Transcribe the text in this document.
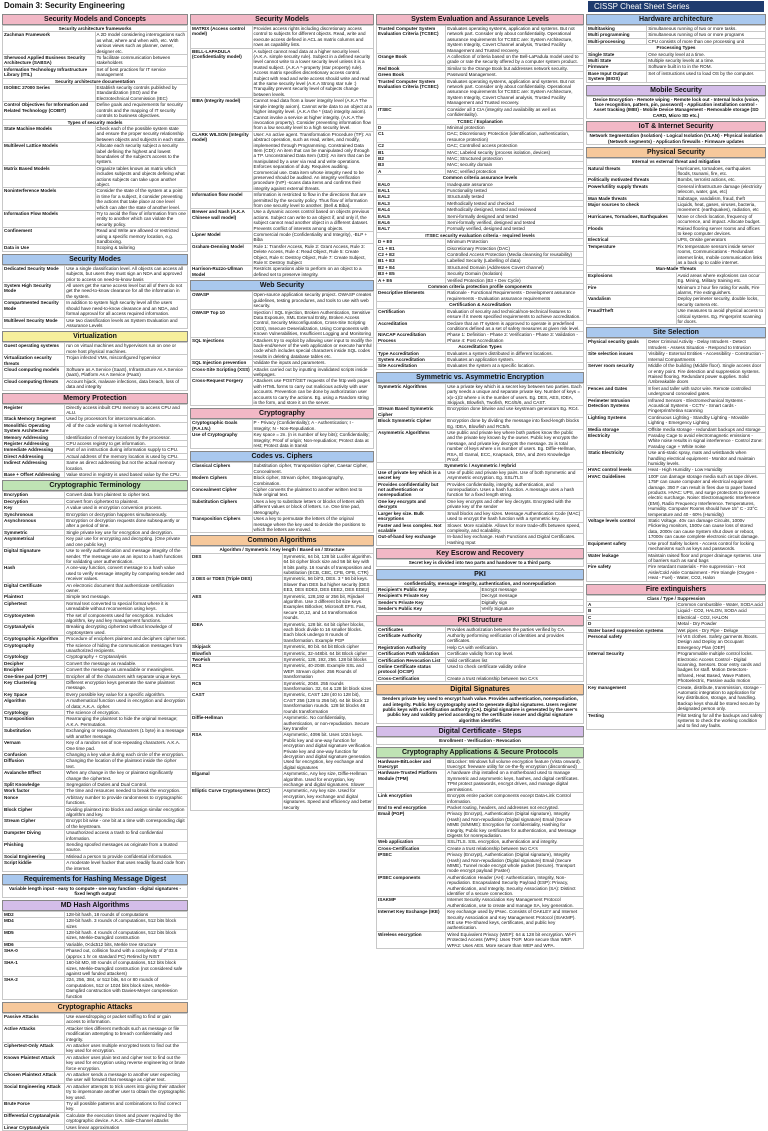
Domain 3: Security Engineering	CISSP Cheat Sheet Series
Security Models and Concepts
Security architecture frameworks	
Zachman Framework	A 2D model considering interrogations such as what, where and when with, etc. With various views such as planner, owner, designer etc.
Sherwood Applied Business Security Architecture (SABSA)	To facilitate communication between stakeholders
Information Technology Infrastructure Library (ITIL)	Set of best practices for IT service management
Security architecture documentation	
ISO/IEC 27000 Series	Establish security controls published by Standardization (ISO) and the Electrotechnical Commission (IEC)
Control Objectives for Information and Related Technology (COBIT)	Define goals and requirements for security controls and the mapping of IT security controls to business objectives.
Types of security models	
State Machine Models	Check each of the possible system state and ensure the proper security relationship between objects and subjects in each state.
Multilevel Lattice Models	Allocate each security subject a security label defining the highest and lowest boundaries of the subject's access to the system.
Matrix Based Models	Organize tables known as matrix which includes subjects and objects defining what actions subjects can take upon another object.
Noninterference Models	Consider the state of the system at a point in time for a subject, it consider preventing the actions that take place at one level which can alter the state of another level.
Information Flow Models	Try to avoid the flow of information from one entity to another which can violate the security policy.
Confinement	Read and Write are allowed or restricted using a specific memory location, e.g. Sandboxing.
Data in Use	Scoping & tailoring
Security Modes
Dedicated Security Mode	Use a single classification level. All objects can access all subjects, but users they must sign an NDA and approved prior to access on need-to-know basis
System High Security Mode	All users get the same access level but all of them do not get the need-to-know clearance for all the information in the system.
Compartmented Security Mode	In addition to system high security level all the users should have need-to-know clearance and an NDA, and formal approval for all access required information.
Multilevel Security Mode	Use two classification levels as System Evaluation and Assurance Levels
Virtualization
Guest operating systems	run on virtual machines and hypervisors run on one or more host physical machines.
Virtualization security threats	Trojan infected VMs, misconfigured hypervisor
Cloud computing models	Software as A Service (SaaS), Infrastructure As A Service (IaaS), Platform As A Service (PaaS)
Cloud computing threats	Account hijack, malware infections, data breach, loss of data and integrity
Memory Protection
Register	Directly access inbuilt CPU memory to access CPU and ALU.
Stack Memory Segment	Used by processors for intercommunication.
Monolithic Operating System Architecture	All of the code working in kernel mode/system.
Memory Addressing	Identification of memory locations by the processor.
Register Addressing	CPU access registry to get information.
Immediate Addressing	Part of an instruction during information supply to CPU.
Direct Addressing	Actual address of the memory location is used by CPU.
Indirect Addressing	Same as direct addressing but not the actual memory location.
Base + Offset Addressing	Value stored in registry is used based value by the CPU.
Cryptographic Terminology
Encryption	Convert data from plaintext to cipher text.
Decryption	Convert from ciphertext to plaintext.
Key	A value used in encryption conversion process.
Synchronous	Encryption or decryption happens simultaneously.
Asynchronous	Encryption or decryption requests done subsequently or after a period of time.
Symmetric	Single private key use for encryption and decryption.
Asymmetrical	Key pair use for encrypting and decrypting. (One private and one public key)
Digital Signature	Use to verify authentication and message integrity of the sender. The message use as an input to a hash functions for validating user authentication.
Hash	A one-way function, convert message to a hash value used to verify message integrity by comparing sender and receiver values.
Digital Certificate	An electronic document that authenticate certification owner.
Plaintext	Simple text message.
Ciphertext	Normal text converted to special format where it is unreadable without reconversion using keys.
Cryptosystem	The set of components used for encryption. Includes algorithm, key and key management functions.
Cryptanalysis	Breaking decrypting ciphertext without knowledge of cryptosystem used.
Cryptographic Algorithm	Procedure of enciphers plaintext and deciphers cipher text.
Cryptography	The science of hiding the communication messages from unauthorized recipients.
Cryptology	Cryptography + Cryptanalysis
Decipher	Convert the message as readable.
Encipher	Convert the message as unreadable or meaningless.
One-time pad (OTP)	Encipher all of the characters with separate unique keys.
Key Clustering	Different encryption keys generate the same plaintext message.
Key Space	Every possible key value for a specific algorithm.
Algorithm	A mathematical function used in encryption and decryption of data; A.K.A. cipher.
Cryptology	The science of encryption.
Transposition	Rearranging the plaintext to hide the original message; A.K.A. Permutation.
Substitution	Exchanging or repeating characters (1 byte) in a message with another message.
Vernam	Key of a random set of non-repeating characters. A.K.A. One time pad.
Confusion	Changing a key value during each circle of the encryption.
Diffusion	Changing the location of the plaintext inside the cipher text.
Avalanche Effect	When any change in the key or plaintext significantly change the ciphertext.
Split Knowledge	Segregation of Duties and Dual Control.
Work factor	The time and resources needed to break the encryption.
Nonce	Arbitrary number to provide randomness to cryptographic functions.
Block Cipher	Dividing plaintext into blocks and assign similar encryption algorithm and key.
Stream Cipher	Encrypt bit wise - one bit at a time with corresponding digit of the keystream.
Dumpster Diving	Unauthorized access a trash to find confidential information.
Phishing	Sending spoofed messages as originate from a trusted source.
Social Engineering	Mislead a person to provide confidential information.
Script kiddie	A moderate level hacker that uses readily found code from the internet.
Requirements for Hashing Message Digest
Variable length input - easy to compute - one way function - digital signatures - fixed length output
MD Hash Algorithms
MD2	128-bit hash, 18 rounds of computations
MD4	128-bit hash. 3 rounds of computations, 512 bits block sizes
MD5	128-bit hash. 4 rounds of computations, 512 bits block sizes, Merkle-Damgård construction
MD6	Variable, 0<d≤512 bits, Merkle tree structure
SHA-0	Phased out, collision found with a complexity of 2^33.6 (approx 1 hr on standard PC) Retired by NIST
SHA-1	160-bit MD, 80 rounds of computations, 512 bits block sizes, Merkle-Damgård construction (not considered safe against well funded attackers)
SHA-2	224, 256, 384, or 512 bits, 64 or 80 rounds of computations, 512 or 1024 bits block sizes, Merkle-Damgård construction with Davies-Meyer compression function
Cryptographic Attacks
Passive Attacks	Use eavesdropping or packet sniffing to find or gain access to information.
Active Attacks	Attacker tries different methods such as message or file modification attempting to breach confidentiality and integrity.
Ciphertext-Only Attack	An attacker uses multiple encrypted texts to find out the key used for encryption.
Known Plaintext Attack	An attacker uses plain text and cipher text to find out the key used for encryption using reverse engineering or brute force encryption.
Chosen Plaintext Attack	An attacker sends a message to another user expecting the user will forward that message as cipher text.
Social Engineering Attack	An attacker attempts to trick users into giving their attacker try to impersonate another user to obtain the cryptographic key used.
Brute Force	Try all possible patterns and combinations to find correct key.
Differential Cryptanalysis	Calculate the execution times and power required by the cryptographic device. A.K.A. Side-Channel attacks
Linear Cryptanalysis	Uses linear approximation
Security Models
MATRIX (Access control model)	Provides access rights including discretionary access control to subjects for different objects. Read, write and execute access defined in ACL as matrix columns and rows as capability lists.
BELL-LAPADULA (Confidentiality model)	A subject cannot read data at a higher security level. (A.K.A. simple security rule). Subject in a defined security level cannot write to a lower security level unless it is a trusted subject. (A.K.A *-property (star property) rule). Access matrix specifies discretionary access control. Subject with read and write access should write and read at the same security level (A.K.A Strong star rule :) Tranquility prevent security level of subjects change between levels.
BIBA (Integrity model)	Cannot read data from a lower integrity level (A.K.A The simple integrity axiom). Cannot write data to an object at a higher integrity level. (A.K.A the * (star) integrity axiom). Cannot invoke a service at higher integrity. (A.K.A The invocation property). Consider preventing information flow from a low security level to a high security level.
CLARK WILSON (Integrity model)	User: An active agent. Transformation Procedure (TP): An abstract operation, such as read, writes, and modify, implemented through Programming. Constrained Data Item (CDI): An item that can be manipulated only through a TP. Unconstrained Data Item (UDI): An item that can be manipulated by a user via read and write operations. Enforces separation of duty. Requires auditing. Commercial use. Data item whose integrity need to be preserved should be audited. An integrity verification procedure (IVP) -scans data items and confirms their integrity against external threats.
Information flow model	Information is restricted to flow in the directions that are permitted by the security policy. Thus flow of information from one security level to another. (Bell & Biba).
Brewer and Nash (A.K.A Chinese wall model)	Use a dynamic access control based on objects previous actions. Subject can write to an object if, and only if, the subject cannot read another object in a different dataset. Prevents conflict of interests among objects.
Lipner Model	Commercial mode (Confidentiality and Integrity), -BLP + Biba
Graham-Denning Model	Rule 1: Transfer Access, Rule 2: Grant Access, Rule 3: Delete Access, Rule 4: Read Object, Rule 5: Create Object, Rule 6: Destroy Object, Rule 7: Create Subject, Rule 8: Destroy Subject
Harrison-Ruzzo-Ullman Model	Restricts operations able to perform on an object to a defined set to preserve integrity.
Web Security
OWASP	Open-source application security project. OWASP creates guidelines, testing procedures, and tools to use with web security.
OWASP Top 10	Injection / SQL Injection, Broken Authentication, Sensitive Data Exposure, XML External Entity, Broken Access Control, Security Misconfiguration, Cross-Site Scripting (XSS), Insecure Deserialization, Using Components with Known Vulnerabilities, Insufficient Logging and Monitoring
SQL Injections	Attackers try to exploit by allowing user input to modify the back-end/server of the web application or execute harmful code which includes special characters inside SQL codes results in deleting database tables etc.
SQL Injection prevention	Validate the inputs and parameters.
Cross-Site Scripting (XSS)	Attacks carried out by inputting invalidated scripts inside webpages.
Cross-Request Forgery	Attackers use POST/GET requests of the http web pages with HTML forms to carry out malicious activity with user accounts. Prevention can be done by authorization user accounts to carry the actions. Eg. using a Random string in the form, and store it on the server.
Cryptography
Cryptographic Goals (P.A.I.N.)	P - Privacy (Confidentiality); A - Authentication; I - Integrity; N - Non-Repudiation.
Use of Cryptography	Key space = 2n. (n is number of key bits); Confidentiality; Integrity; Proof of origin; Non-repudiation; Protect data at rest; Protect data in transit
Codes vs. Ciphers
Classical Ciphers	Substitution cipher, Transposition cipher, Caesar Cipher, Concealment.
Modern Ciphers	Block cipher, Stream cipher, Steganography, Combination.
Concealment Cipher	Cipher converts the plaintext to another written text to hide original text.
Substitution Ciphers	Uses a key to substitute letters or blocks of letters with different values or block of letters. I.e. One time pad, stenography.
Transposition Ciphers	Uses a key to permutate the letters of the original message where the key used to decide the positions to which the letters are moved.
Common Algorithms
Algorithm / Symmetric / Key length / Based on / Structure	
DES	Symmetric, 64 bit, 128 bit Lucifer algorithm. 64 bit cipher block size and 56 bit key with 8 bits parity. 16 rounds of transposition and substitution (ECB, CBC, CFB, OFB, CTR)
3 DES or TDES (Triple DES)	Symmetric, 56 bit*3, DES. 3 * 56 bit keys. Slower than DES but higher security (DES EE3, DES EDE3, DES EEE2, DES EDE2)
AES	Symmetric, 128,192 or 256 bit, Rijndael algorithm. Use 3 different bit size keys. Examples Bitlocker, Microsoft EFS. Fast, secure 10,12, and 14 transformation rounds.
IDEA	Symmetric, 128 bit. 64 bit cipher blocks, each block divide to 16 smaller blocks. Each block undergo 8 rounds of transformation. Example PGP
Skipjack	Symmetric, 80 bit. 64 bit Block cipher
Blowfish	Symmetric, 32-448bit. 64 bit Block cipher
TwoFish	Symmetric, 128, 192, 256. 128 bit blocks
RC4	Symmetric, 40-2048. Example SSL and WEP. Stream cipher. 256 Rounds of transformation
RC5	Symmetric, 2048. 255 rounds transformation. 32, 64 & 128 bit block sizes
CAST	Symmetric, CAST 128 (40 to 128 bit), CAST 256 (128 to 256 bit). 64 bit block 12 transformation rounds. 128 bit blocks 48 rounds transformation
Diffie-Hellman	Asymmetric. No confidentiality, authentication, or non-repudiation. Secure key transfer
RSA	Asymmetric, 4096 bit. Uses 1024 keys. Public key and one-way function for encryption and digital signature verification. Private key and one-way function for decryption and digital signature generation. Used for encryption, key exchange and digital signatures
Elgamal	Asymmetric, Any key size, Diffie-Hellman algorithm. Used for encryption, key exchange and digital signatures. Slower
Elliptic Curve Cryptosystems (ECC)	Asymmetric, Any key size. Used for encryption, key exchange and digital signatures. Speed and efficiency and better security
System Evaluation and Assurance Levels
Trusted Computer System Evaluation Criteria (TCSEC)	Evaluates operating systems, application and systems. But not network part. Consider only about confidentiality. Operational assurance requirements for TCSEC are: System Architecture, System Integrity, Covert Channel analysis, Trusted Facility Management and Trusted recovery.
Orange Book	A collection of criteria based on the Bell-LaPadula model used to grade or rate the security offered by a computer system product.
Red Book	Similar to the Orange Book but addresses network security.
Green Book	Password Management.
Trusted Computer System Evaluation Criteria (TCSEC)	Evaluates operating systems, application and systems. But not network part. Consider only about confidentiality. Operational assurance requirements for TCSEC are: System Architecture, System Integrity, Covert Channel analysis, Trusted Facility Management and Trusted recovery.
ITSEC	Consider all 3 CIA (integrity and availability as well as confidentiality).
TCSEC / Explanation	
D	Minimal protection
C1	DAC; Discretionary Protection (identification, authentication, resource protection)
C2	DAC; Controlled access protection
B1	MAC; Labeled security (process isolation, devices)
B2	MAC; Structured protection
B3	MAC; security domain
A	MAC; verified protection
Common criteria assurance levels	
EAL0	Inadequate assurance
EAL1	Functionality tested
EAL2	Structurally tested
EAL3	Methodically tested and checked
EAL4	Methodically designed, tested and reviewed
EAL5	Semi-formally designed and tested
EAL6	Semi-formally verified, designed and tested
EAL7	Formally verified, designed and tested
ITSEC security evaluation criteria - required levels	
D + E0	Minimum Protection
C1 + E1	Discretionary Protection (DAC)
C2 + E2	Controlled Access Protection (Media cleansing for reusability)
B1 + E3	Labelled Security (Labelling of data)
B2 + E4	Structured Domain (Addresses Covert channel)
B3 + E5	Security Domain (Isolation)
A + E6	Verified Protection (B3 + Dev Cycle)
Common criteria protection profile components	
Descriptive Elements	Rationale - Functional Requirements - Development assurance requirements - Evaluation assurance requirements
Certification & Accreditation	
Certification	Evaluation of security and technical/non-technical features to ensure if it meets specified requirements to achieve accreditation.
Accreditation	Declare that an IT system is approved to operate in predefined conditions defined as a set of safety measures at given risk level.
NIACAP Accreditation Process	Phase 1: Definition - Phase 2: Verification - Phase 3: Validation - Phase 4: Post Accreditation
Accreditation Types	
Type Accreditation	Evaluates a system distributed in different locations.
System Accreditation	Evaluates an application system.
Site Accreditation	Evaluates the system at a specific location.
Symmetric vs. Asymmetric Encryption
Symmetric Algorithms	Use a private key which is a secret key between two parties. Each party needs a unique and separate private key. Number of keys = x(x-1)/2 where x is the number of users. Eg. DES, AES, IDEA, Skipjack, Blowfish, Twofish, RC4/5/6, and CAST.
Stream Based Symmetric Cipher	Encryption done bitwise and use keystream generators Eg. RC4.
Block Symmetric Cipher	Encryption done by dividing the message into fixed-length blocks Eg. IDEA, Blowfish and RC5/6.
Asymmetric Algorithms	Use public and private key where both parties know the public and the private key known by the owner. Public key encrypts the message, and private key decrypts the message. 2x is total number of keys where x is number of users. Eg. Diffie-Hellman, RSA, El Gamal, ECC, Knapsack, DSA, and Zero Knowledge Proof.
Symmetric / Asymmetric / Hybrid	
Use of private key which is a secret key	Use of public and private key pairs. Use of both Symmetric and Asymmetric encryption. Eg. SSL/TLS
Provides confidentiality but not authentication or nonrepudiation	Provides confidentiality, integrity, authentication, and nonrepudiation. Uses a hash function. A message uses a hash function for a fixed length string.
One key encrypts and decrypts	One key encrypts and other key decrypts. Encrypted with the private key of the sender
Larger key size. Bulk encryptions	Small blocks and key sizes. Message Authentication Code (MAC) used to encrypt the hash function with a symmetric key.
Faster and less complex. Not scalable	Slower. More scalable. Allows for more trade-offs between speed, complexity, and scalability.
Out-of-band key exchange	In-band key exchange. Hash Functions and Digital Certificates. Hashing Input
Key Escrow and Recovery
Secret key is divided into two parts and handover to a third party.
PKI
confidentiality, message integrity, authentication, and nonrepudiation	
Recipient's Public Key	Encrypt message
Recipient's Private Key	Decrypt message
Sender's Private Key	Digitally sign
Sender's Public Key	Verify Signature
PKI Structure
Certificates	Provides authorization between the parties verified by CA.
Certificate Authority	Authority performing verification of identities and provides certificates.
Registration Authority	Help CA with verification.
Certification Path Validation	Certificate validity from top level.
Certification Revocation List	Valid certificates list
Online Certificate status protocol (OCSP)	Used to check certificate validity online
Cross-Certification	Create a trust relationship between two CA's
Digital Signatures
Senders private key used to encrypt hash value. Provides authentication, nonrepudiation, and integrity. Public key cryptography used to generate digital signatures. Users register public keys with a certification authority (CA). Digital signature is generated by the user's public key and validity period according to the certificate issuer and digital signature algorithm identifier.
Digital Certificate - Steps
Enrollment - Verification - Revocation
Cryptography Applications & Secure Protocols
Hardware-BitLocker and truecrypt	BitLocker: Windows full volume encryption feature (Vista onward). truecrypt: freeware utility for on-the-fly encryption (discontinued)
Hardware-Trusted Platform Module (TPM)	A hardware chip installed on a motherboard used to manage Symmetric and asymmetric keys, hashes, and digital certificates. TPM protect passwords, encrypt drives, and manage digital permissions.
Link encryption	Encrypts entire packet components except Data-Link Control information.
End to end encryption	Packet routing, headers, and addresses not encrypted.
Email (PGP)	Privacy (Encrypt), Authentication (Digital signature), Integrity (Hash) and Non-repudiation (Digital signature) Email (Secure MIME (S/MIME): Encryption for confidentiality, Hashing for integrity, Public key certificates for authentication, and Message Digests for nonrepudiation.
Web application	SSL/TLS. SSL encryption, authentication and integrity.
Cross-Certification	Create a trust relationship between two CA's
IPSEC	Privacy (Encrypt), Authentication (Digital signature), Integrity (Hash) and Non-repudiation (Digital signature) Email (Secure MIME). Tunnel mode encrypt whole packet (Secure). Transport mode encrypt payload (Faster)
IPSEC components	Authentication Header (AH): Authentication, Integrity, Non-repudiation. Encapsulated Security Payload (ESP): Privacy, Authentication, and Integrity. Security Association (SA): Distinct identifier of a secure connection.
ISAKMP	Internet Security Association Key Management Protocol Authentication, use to create and manage SA, key generation.
Internet Key Exchange (IKE)	Key exchange used by IPsec. Consists of OAKLEY and Internet Security Association and Key Management Protocol (ISAKMP). IKE use Pre-Shared keys, certificates, and public key authentication.
Wireless encryption	Wired Equivalent Privacy (WEP): 64 & 128 bit encryption. Wi-Fi Protected Access (WPA): Uses TKIP. More secure than WEP. WPA2: Uses AES. More secure than WEP and WPA.
Hardware architecture
Multitasking	Simultaneous running of two or more tasks.
Multi programming	Simultaneous running of two or more programs
Multi-processing	CPU consists of more than one processing unit
Processing Types	
Single State	One security level at a time.
Multi State	Multiple security levels at a time.
Firmware	Software built in to in the ROM.
Base Input Output System (BIOS)	Set of instructions used to load OS by the computer.
Mobile Security
Device Encryption - Remote wiping - Remote lock out - Internal locks (voice, face recognition, pattern, pin, password) - Application installation control - Asset tracking (IMEI) - Mobile Device Management - Removable storage (SD CARD, Micro SD etc.)
IoT & Internet Security
Network Segmentation (Isolation) - Logical Isolation (VLAN) - Physical isolation (Network segments) - Application firewalls - Firmware updates
Physical Security
Internal vs external threat and mitigation	
Natural threats	Hurricanes, tornadoes, earthquakes floods, tsunami, fire, etc.
Politically motivated threats	Bombs, terrorist actions, etc.
Power/utility supply threats	General infrastructure damage (electricity telecom, water, gas, etc)
Man Made threats	Sabotage, vandalism, fraud, theft
Major sources to check	Liquids, heat, gases, viruses, bacteria, movement: (earthquakes), radiation, etc
Hurricanes, Tornadoes, Earthquakes	Move or check location, frequency of occurrence, and impact. Allocate budget.
Floods	Raised flooring server rooms and offices to keep computer devices.
Electrical	UPS, Onsite generators
Temperature	Fix temperature sensors inside server rooms, Communications - Redundant internet links, mobile communication links as a back up to cable internet.
Man-Made Threats	
Explosions	Avoid areas where explosions can occur Eg. Mining, Military training etc.
Fire	Minimum 2 hour fire rating for walls, Fire alarms, Fire extinguishers.
Vandalism	Deploy perimeter security, double locks, security camera etc.
Fraud/Theft	Use measures to avoid physical access to critical systems. Eg. Fingerprint scanning for doors.
Site Selection
Physical security goals	Deter Criminal Activity - Delay Intruders - Detect Intruders - Assess Situation - Respond to Intrusion
Site selection issues	Visibility - External Entities - Accessibility - Construction - Internal Compartments
Server room security	Middle of the building (Middle floor). Single access door or entry point. Fire detection and suppression systems. Raised flooring. Redundant power supplies. Solid /Unbreakable doors
Fences and Gates	8 feet and taller with razor wire. Remote controlled underground concealed gates.
Perimeter Intrusion Detection Systems	Infrared Sensors - Electromechanical Systems - Acoustical Systems - CCTV - Smart cards - Fingerprint/retina scanning
Lighting Systems	Continuous Lighting - Standby Lighting - Movable Lighting - Emergency Lighting
Media storage	Offsite media storage - redundant backups and storage
Electricity	Faraday Cage to avoid electromagnetic emissions - White noise results in signal interference - Control Zone: Faraday cage + White noise
Static Electricity	Use anti-static spray, mats and wristbands when handling electrical equipment - Monitor and maintain humidity levels.
HVAC control levels	Heat - High Humidity - Low Humidity
HVAC Guidelines	100F can damage storage media such as tape drives. 175F can cause computer and electrical equipment damage. 350 F can result in fires due to paper based products. HVAC: UPS, and surge protectors to prevent electric surcharge. Noise: Electromagnetic Interference (EMI), Radio Frequency Interference. Temperatures, Humidity. Computer Rooms should have 15° C - 23°C temperature and 40 - 60% (Humidity)
Voltage levels control	Static Voltage. 40v can damage Circuits, 1000v Flickering monitors, 1500v can cause loss of stored data, 2000v can cause System shut down or reboot, 17000v can cause complete electronic circuit damage.
Equipment safety	Use proof Safety lockers - Access control for locking mechanisms such as keys and passwords.
Water leakage	Maintain raised floor and proper drainage systems. Use of barriers such as sand bags
Fire safety	Fire retardant materials - Fire suppression - Hot Aisle/Cold Aisle Containment - Fire triangle (Oxygen - Heat - Fuel) - Water, CO2, Halon
Fire extinguishers
Class / Type / Suppression	
A	Common combustible - Water, SODA acid
B	Liquid - CO2, HALON, SODA acid
C	Electrical - CO2, HALON
D	Metal - Dry Powder
Water based suppression systems	Wet pipes - Dry Pipe - Deluge
Personal safety	Hi VIS clothes. Safety garments /Boots. Design and Deploy an Occupant Emergency Plan (OEP)
Internal Security	Programmable multiple control locks. Electronic Access Control - Digital scanning, Sensors. Door entry cards and badges for staff. Motion Detectors- Infrared, Heat Based, Wave Pattern, Photoelectric, Passive audio motion
Key management	Create, distribute, transmission, storage - Automatic integration to application for key distribution, storage, and handling. Backup keys should be stored secure by designated person only.
Testing	Pilot testing for all the backups and safety systems to check the working condition and to find any faults.
